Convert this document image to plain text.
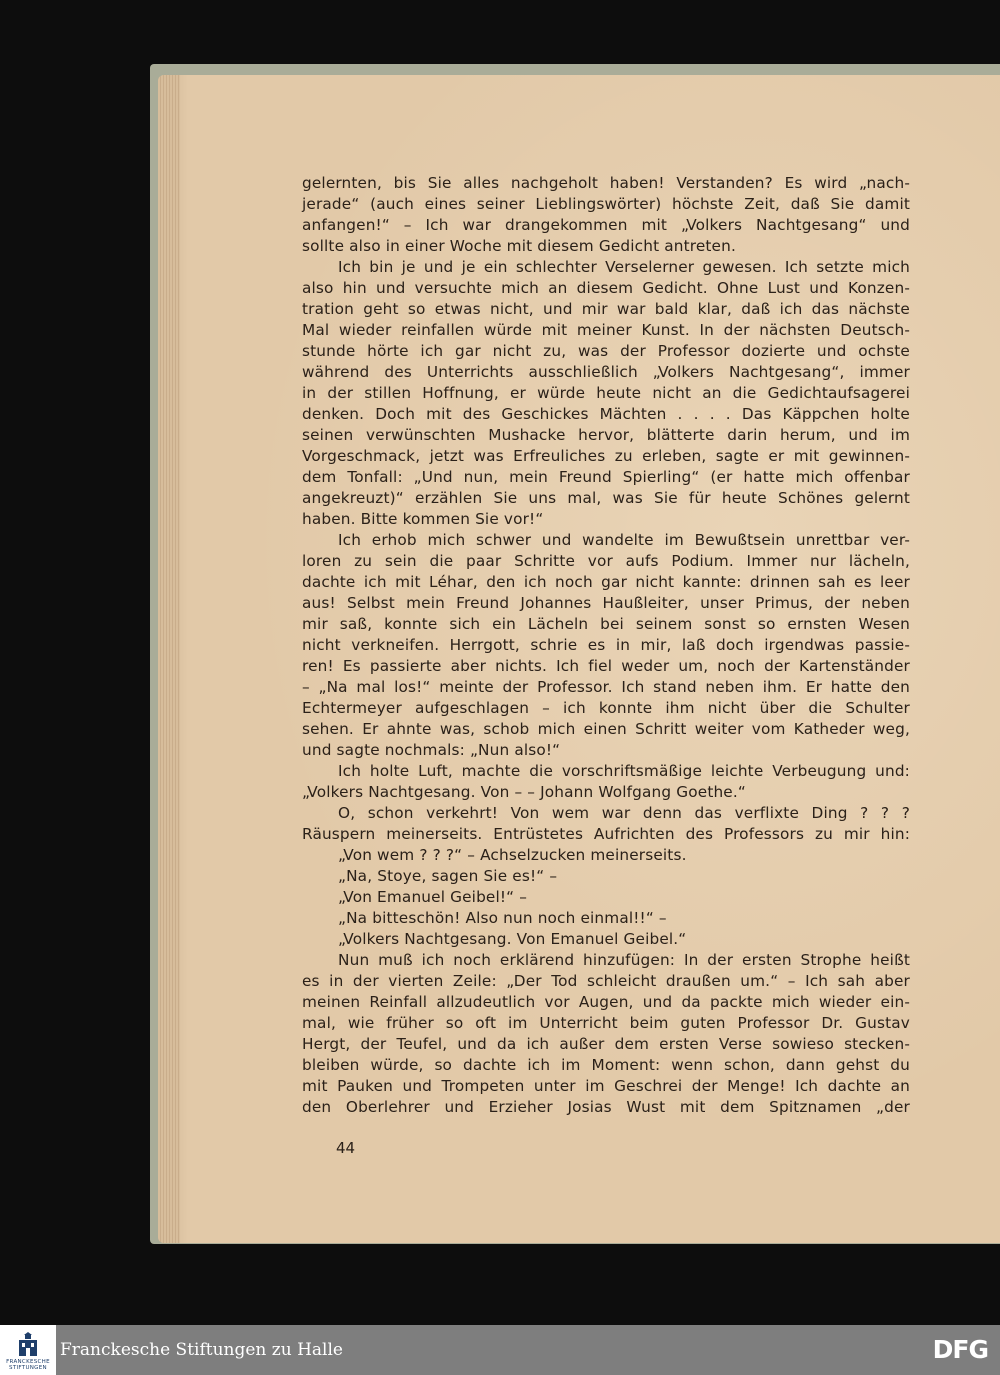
gelernten, bis Sie alles nachgeholt haben! Verstanden? Es wird „nach-
jerade“ (auch eines seiner Lieblingswörter) höchste Zeit, daß Sie damit
anfangen!“ – Ich war drangekommen mit „Volkers Nachtgesang“ und
sollte also in einer Woche mit diesem Gedicht antreten.
Ich bin je und je ein schlechter Verselerner gewesen. Ich setzte mich
also hin und versuchte mich an diesem Gedicht. Ohne Lust und Konzen-
tration geht so etwas nicht, und mir war bald klar, daß ich das nächste
Mal wieder reinfallen würde mit meiner Kunst. In der nächsten Deutsch-
stunde hörte ich gar nicht zu, was der Professor dozierte und ochste
während des Unterrichts ausschließlich „Volkers Nachtgesang“, immer
in der stillen Hoffnung, er würde heute nicht an die Gedichtaufsagerei
denken. Doch mit des Geschickes Mächten . . . . Das Käppchen holte
seinen verwünschten Mushacke hervor, blätterte darin herum, und im
Vorgeschmack, jetzt was Erfreuliches zu erleben, sagte er mit gewinnen-
dem Tonfall: „Und nun, mein Freund Spierling“ (er hatte mich offenbar
angekreuzt)“ erzählen Sie uns mal, was Sie für heute Schönes gelernt
haben. Bitte kommen Sie vor!“
Ich erhob mich schwer und wandelte im Bewußtsein unrettbar ver-
loren zu sein die paar Schritte vor aufs Podium. Immer nur lächeln,
dachte ich mit Léhar, den ich noch gar nicht kannte: drinnen sah es leer
aus! Selbst mein Freund Johannes Haußleiter, unser Primus, der neben
mir saß, konnte sich ein Lächeln bei seinem sonst so ernsten Wesen
nicht verkneifen. Herrgott, schrie es in mir, laß doch irgendwas passie-
ren! Es passierte aber nichts. Ich fiel weder um, noch der Kartenständer
– „Na mal los!“ meinte der Professor. Ich stand neben ihm. Er hatte den
Echtermeyer aufgeschlagen – ich konnte ihm nicht über die Schulter
sehen. Er ahnte was, schob mich einen Schritt weiter vom Katheder weg,
und sagte nochmals: „Nun also!“
Ich holte Luft, machte die vorschriftsmäßige leichte Verbeugung und:
„Volkers Nachtgesang. Von – – Johann Wolfgang Goethe.“
O, schon verkehrt! Von wem war denn das verflixte Ding ? ? ?
Räuspern meinerseits. Entrüstetes Aufrichten des Professors zu mir hin:
„Von wem ? ? ?“ – Achselzucken meinerseits.
„Na, Stoye, sagen Sie es!“ –
„Von Emanuel Geibel!“ –
„Na bitteschön! Also nun noch einmal!!“ –
„Volkers Nachtgesang. Von Emanuel Geibel.“
Nun muß ich noch erklärend hinzufügen: In der ersten Strophe heißt
es in der vierten Zeile: „Der Tod schleicht draußen um.“ – Ich sah aber
meinen Reinfall allzudeutlich vor Augen, und da packte mich wieder ein-
mal, wie früher so oft im Unterricht beim guten Professor Dr. Gustav
Hergt, der Teufel, und da ich außer dem ersten Verse sowieso stecken-
bleiben würde, so dachte ich im Moment: wenn schon, dann gehst du
mit Pauken und Trompeten unter im Geschrei der Menge! Ich dachte an
den Oberlehrer und Erzieher Josias Wust mit dem Spitznamen „der
44
FRANCKESCHE
STIFTUNGEN
Franckesche Stiftungen zu Halle	DFG
